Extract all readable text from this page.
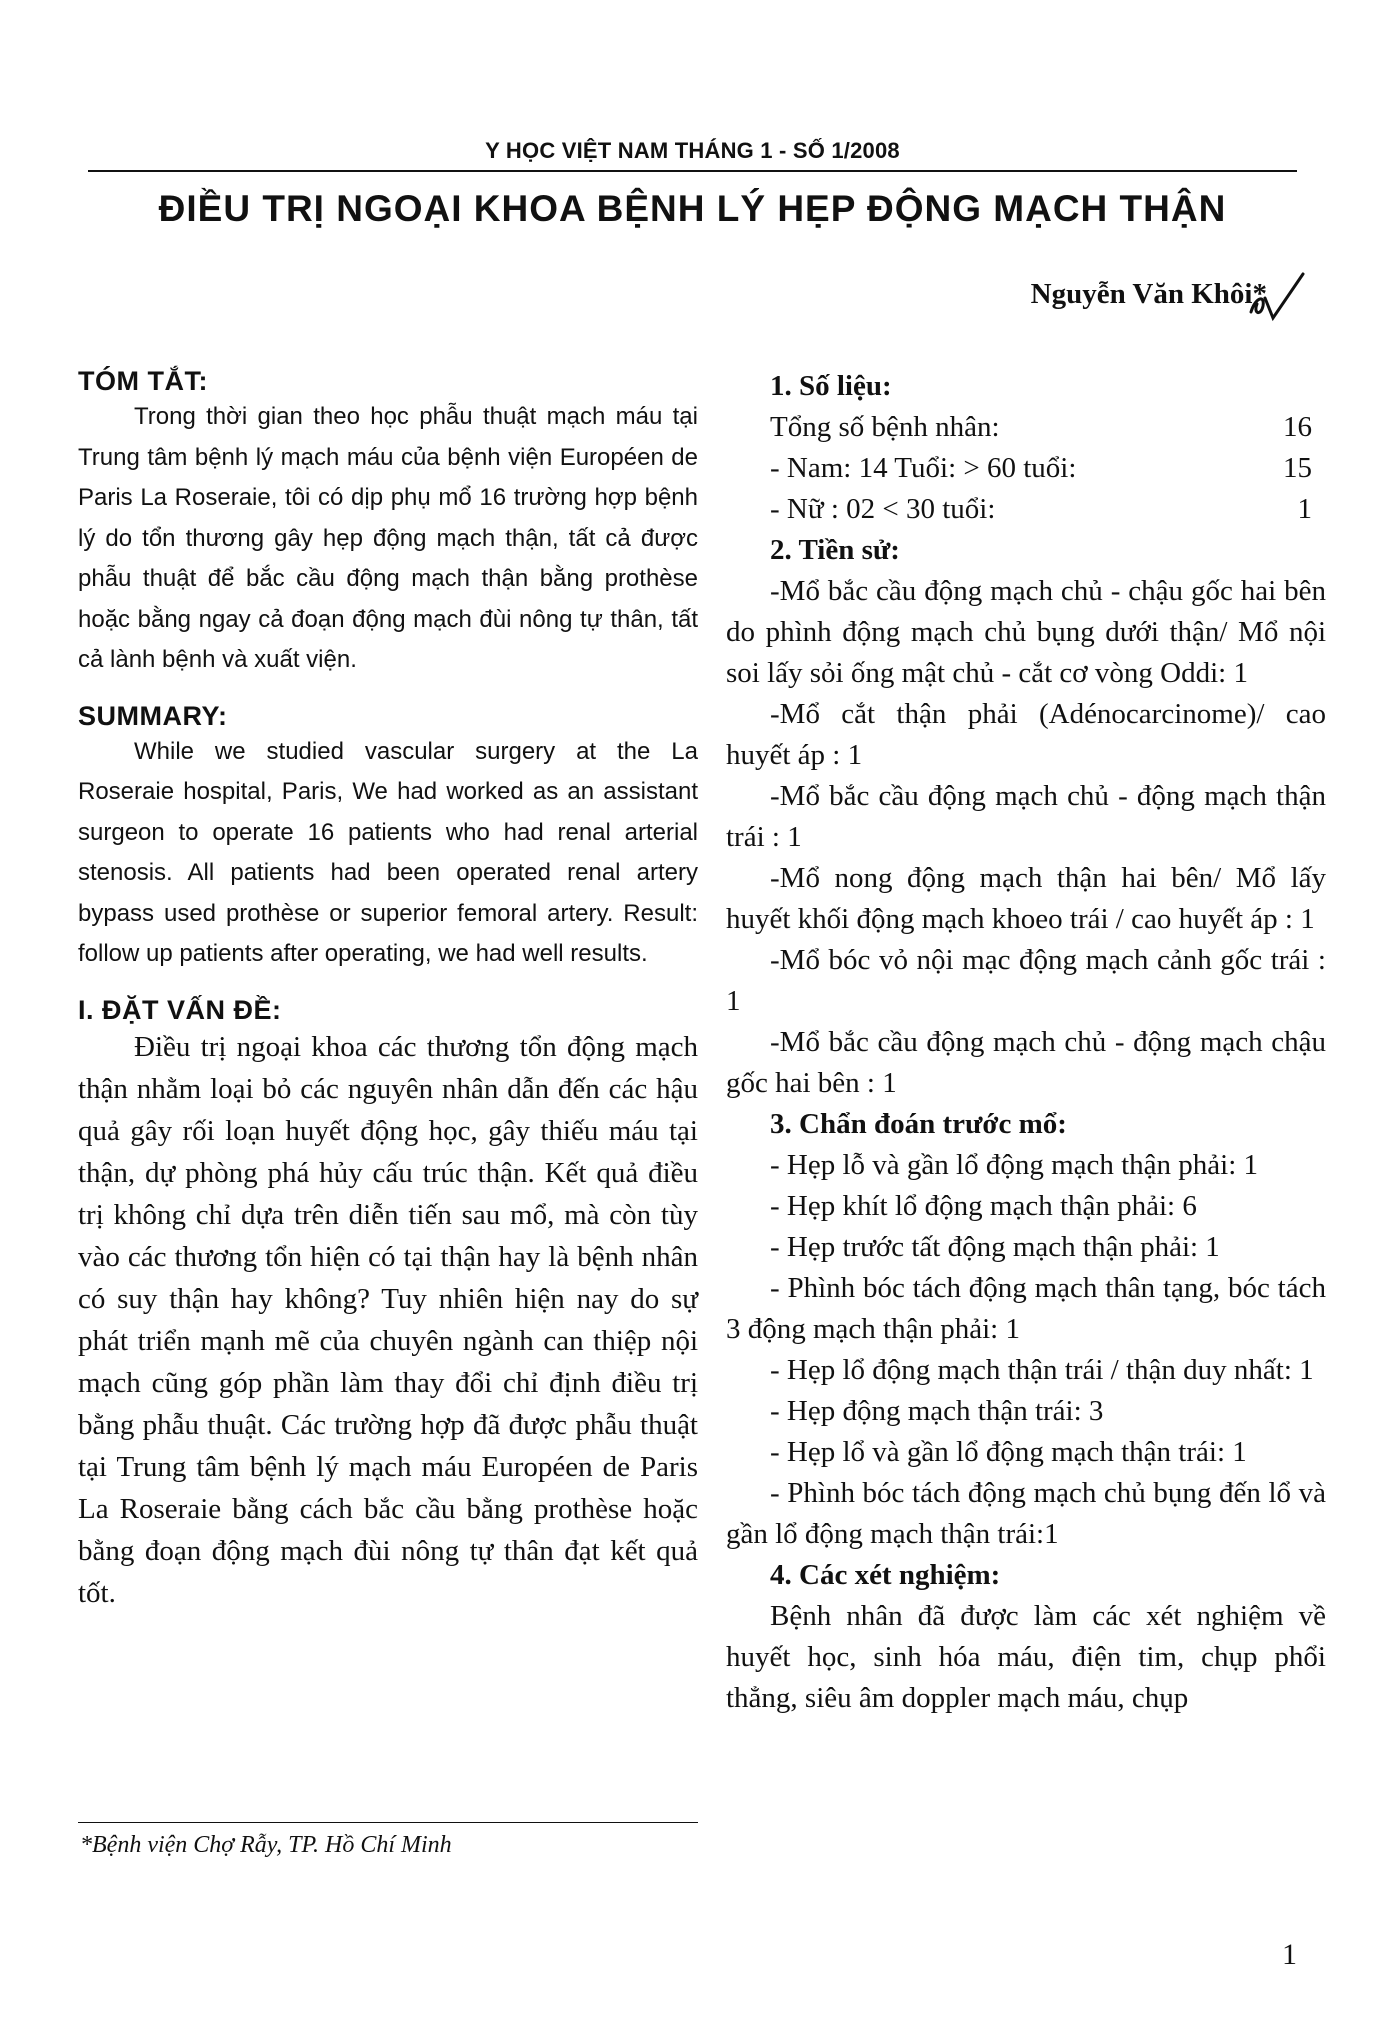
Y HỌC VIỆT NAM THÁNG 1 - SỐ 1/2008
ĐIỀU TRỊ NGOẠI KHOA BỆNH LÝ HẸP ĐỘNG MẠCH THẬN
Nguyễn Văn Khôi*

TÓM TẮT:

Trong thời gian theo học phẫu thuật mạch máu tại Trung tâm bệnh lý mạch máu của bệnh viện Européen de Paris La Roseraie, tôi có dịp phụ mổ 16 trường hợp bệnh lý do tổn thương gây hẹp động mạch thận, tất cả được phẫu thuật để bắc cầu động mạch thận bằng prothèse hoặc bằng ngay cả đoạn động mạch đùi nông tự thân, tất cả lành bệnh và xuất viện.

SUMMARY:

While we studied vascular surgery at the La Roseraie hospital, Paris, We had worked as an assistant surgeon to operate 16 patients who had renal arterial stenosis. All patients had been operated renal artery bypass used prothèse or superior femoral artery. Result: follow up patients after operating, we had well results.

I. ĐẶT VẤN ĐỀ:

Điều trị ngoại khoa các thương tổn động mạch thận nhằm loại bỏ các nguyên nhân dẫn đến các hậu quả gây rối loạn huyết động học, gây thiếu máu tại thận, dự phòng phá hủy cấu trúc thận. Kết quả điều trị không chỉ dựa trên diễn tiến sau mổ, mà còn tùy vào các thương tổn hiện có tại thận hay là bệnh nhân có suy thận hay không? Tuy nhiên hiện nay do sự phát triển mạnh mẽ của chuyên ngành can thiệp nội mạch cũng góp phần làm thay đổi chỉ định điều trị bằng phẫu thuật. Các trường hợp đã được phẫu thuật tại Trung tâm bệnh lý mạch máu Européen de Paris La Roseraie bằng cách bắc cầu bằng prothèse hoặc bằng đoạn động mạch đùi nông tự thân đạt kết quả tốt.

1. Số liệu:

Tổng số bệnh nhân:	16
- Nam: 14 Tuổi: > 60 tuổi:	15
- Nữ : 02 < 30 tuổi:	1

2. Tiền sử:

-Mổ bắc cầu động mạch chủ - chậu gốc hai bên do phình động mạch chủ bụng dưới thận/ Mổ nội soi lấy sỏi ống mật chủ - cắt cơ vòng Oddi: 1

-Mổ cắt thận phải (Adénocarcinome)/ cao huyết áp : 1

-Mổ bắc cầu động mạch chủ - động mạch thận trái : 1

-Mổ nong động mạch thận hai bên/ Mổ lấy huyết khối động mạch khoeo trái / cao huyết áp : 1

-Mổ bóc vỏ nội mạc động mạch cảnh gốc trái : 1

-Mổ bắc cầu động mạch chủ - động mạch chậu gốc hai bên : 1

3. Chẩn đoán trước mổ:

- Hẹp lỗ và gần lổ động mạch thận phải: 1

- Hẹp khít lổ động mạch thận phải: 6

- Hẹp trước tất động mạch thận phải: 1

- Phình bóc tách động mạch thân tạng, bóc tách 3 động mạch thận phải: 1

- Hẹp lổ động mạch thận trái / thận duy nhất: 1

- Hẹp động mạch thận trái: 3

- Hẹp lổ và gần lổ động mạch thận trái: 1

- Phình bóc tách động mạch chủ bụng đến lổ và gần lổ động mạch thận trái:1

4. Các xét nghiệm:

Bệnh nhân đã được làm các xét nghiệm về huyết học, sinh hóa máu, điện tim, chụp phổi thẳng, siêu âm doppler mạch máu, chụp

*Bệnh viện Chợ Rẫy, TP. Hồ Chí Minh
1
